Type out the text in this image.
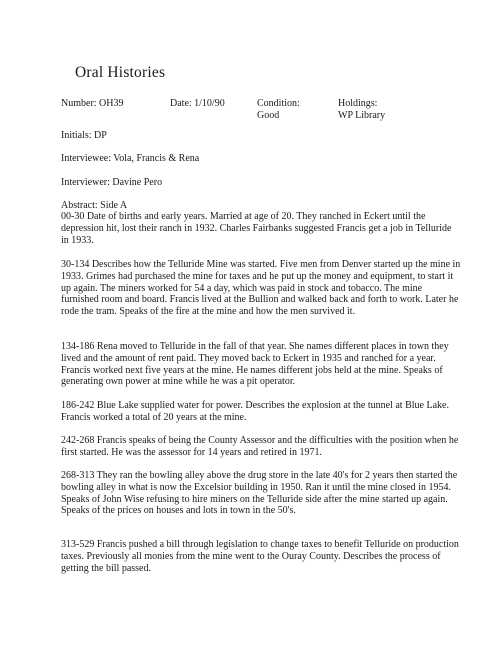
Oral Histories
Number: OH39	Date: 1/10/90	Condition:
Good
Holdings:
WP Library
Initials: DP
Interviewee: Vola, Francis & Rena
Interviewer: Davine Pero
Abstract: Side A
00-30 Date of births and early years. Married at age of 20. They ranched in Eckert until the depression hit, lost their ranch in 1932. Charles Fairbanks suggested Francis get a job in Telluride in 1933.
30-134 Describes how the Telluride Mine was started. Five men from Denver started up the mine in 1933. Grimes had purchased the mine for taxes and he put up the money and equipment, to start it up again. The miners worked for 54 a day, which was paid in stock and tobacco. The mine furnished room and board. Francis lived at the Bullion and walked back and forth to work. Later he rode the tram. Speaks of the fire at the mine and how the men survived it.
134-186 Rena moved to Telluride in the fall of that year. She names different places in town they lived and the amount of rent paid. They moved back to Eckert in 1935 and ranched for a year. Francis worked next five years at the mine. He names different jobs held at the mine. Speaks of generating own power at mine while he was a pit operator.
186-242 Blue Lake supplied water for power. Describes the explosion at the tunnel at Blue Lake. Francis worked a total of 20 years at the mine.
242-268 Francis speaks of being the County Assessor and the difficulties with the position when he first started. He was the assessor for 14 years and retired in 1971.
268-313 They ran the bowling alley above the drug store in the late 40's for 2 years then started the bowling alley in what is now the Excelsior building in 1950. Ran it until the mine closed in 1954. Speaks of John Wise refusing to hire miners on the Telluride side after the mine started up again. Speaks of the prices on houses and lots in town in the 50's.
313-529 Francis pushed a bill through legislation to change taxes to benefit Telluride on production taxes. Previously all monies from the mine went to the Ouray County. Describes the process of getting the bill passed.
